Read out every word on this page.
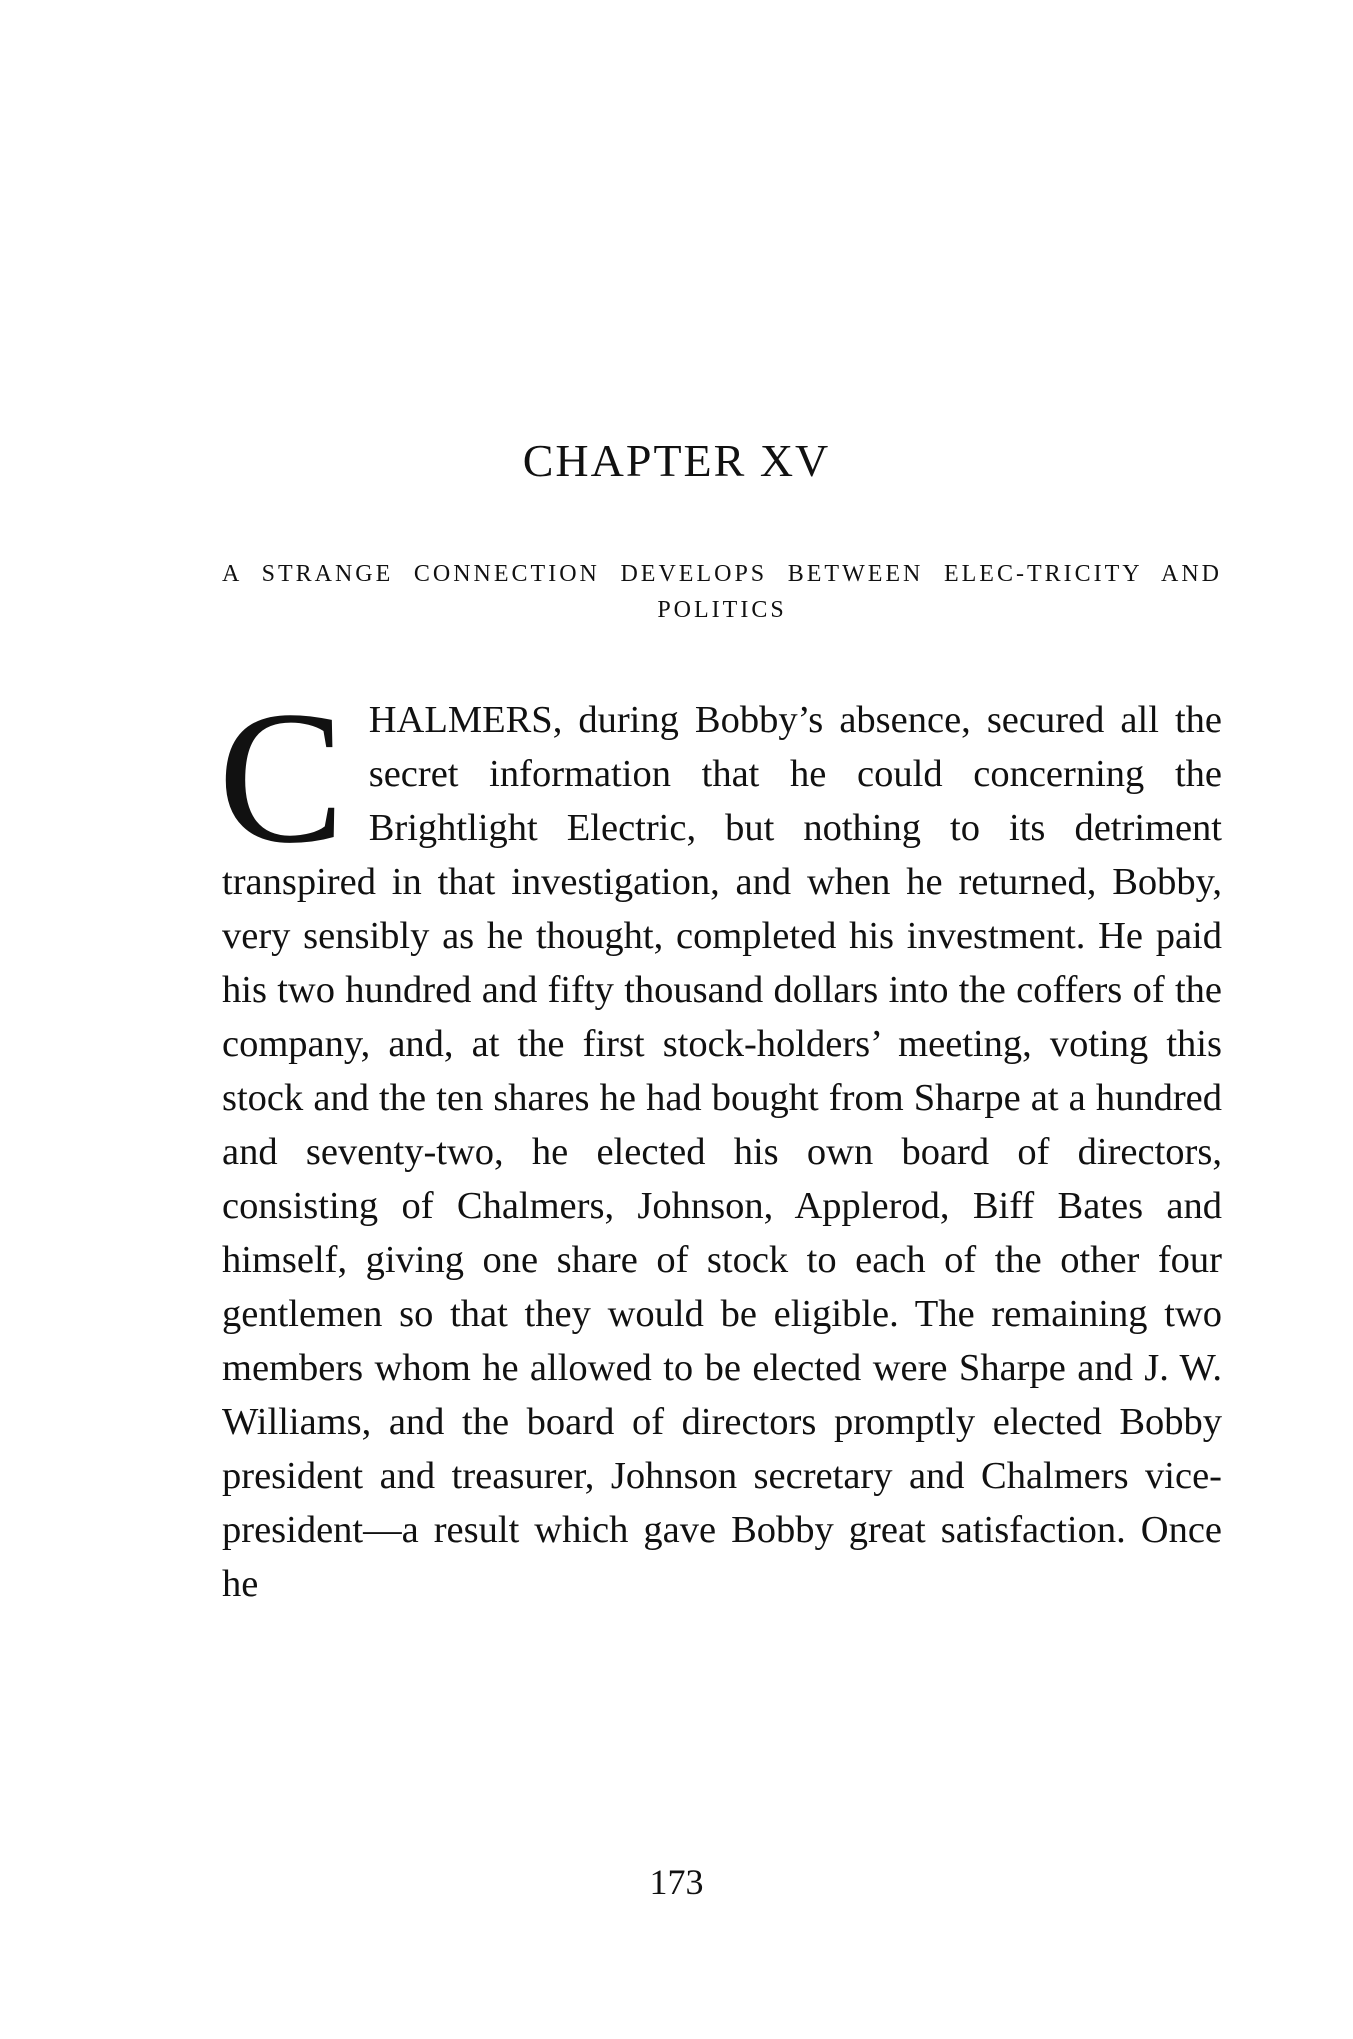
CHAPTER XV

A STRANGE CONNECTION DEVELOPS BETWEEN ELEC-TRICITY AND POLITICS

CHALMERS, during Bobby’s absence, secured all the secret information that he could concerning the Brightlight Electric, but nothing to its detriment transpired in that investigation, and when he returned, Bobby, very sensibly as he thought, completed his investment. He paid his two hundred and fifty thousand dollars into the coffers of the company, and, at the first stock-holders’ meeting, voting this stock and the ten shares he had bought from Sharpe at a hundred and seventy-two, he elected his own board of directors, consisting of Chalmers, Johnson, Applerod, Biff Bates and himself, giving one share of stock to each of the other four gentlemen so that they would be eligible. The remaining two members whom he allowed to be elected were Sharpe and J. W. Williams, and the board of directors promptly elected Bobby president and treasurer, Johnson secretary and Chalmers vice-president—a result which gave Bobby great satisfaction. Once he

173
